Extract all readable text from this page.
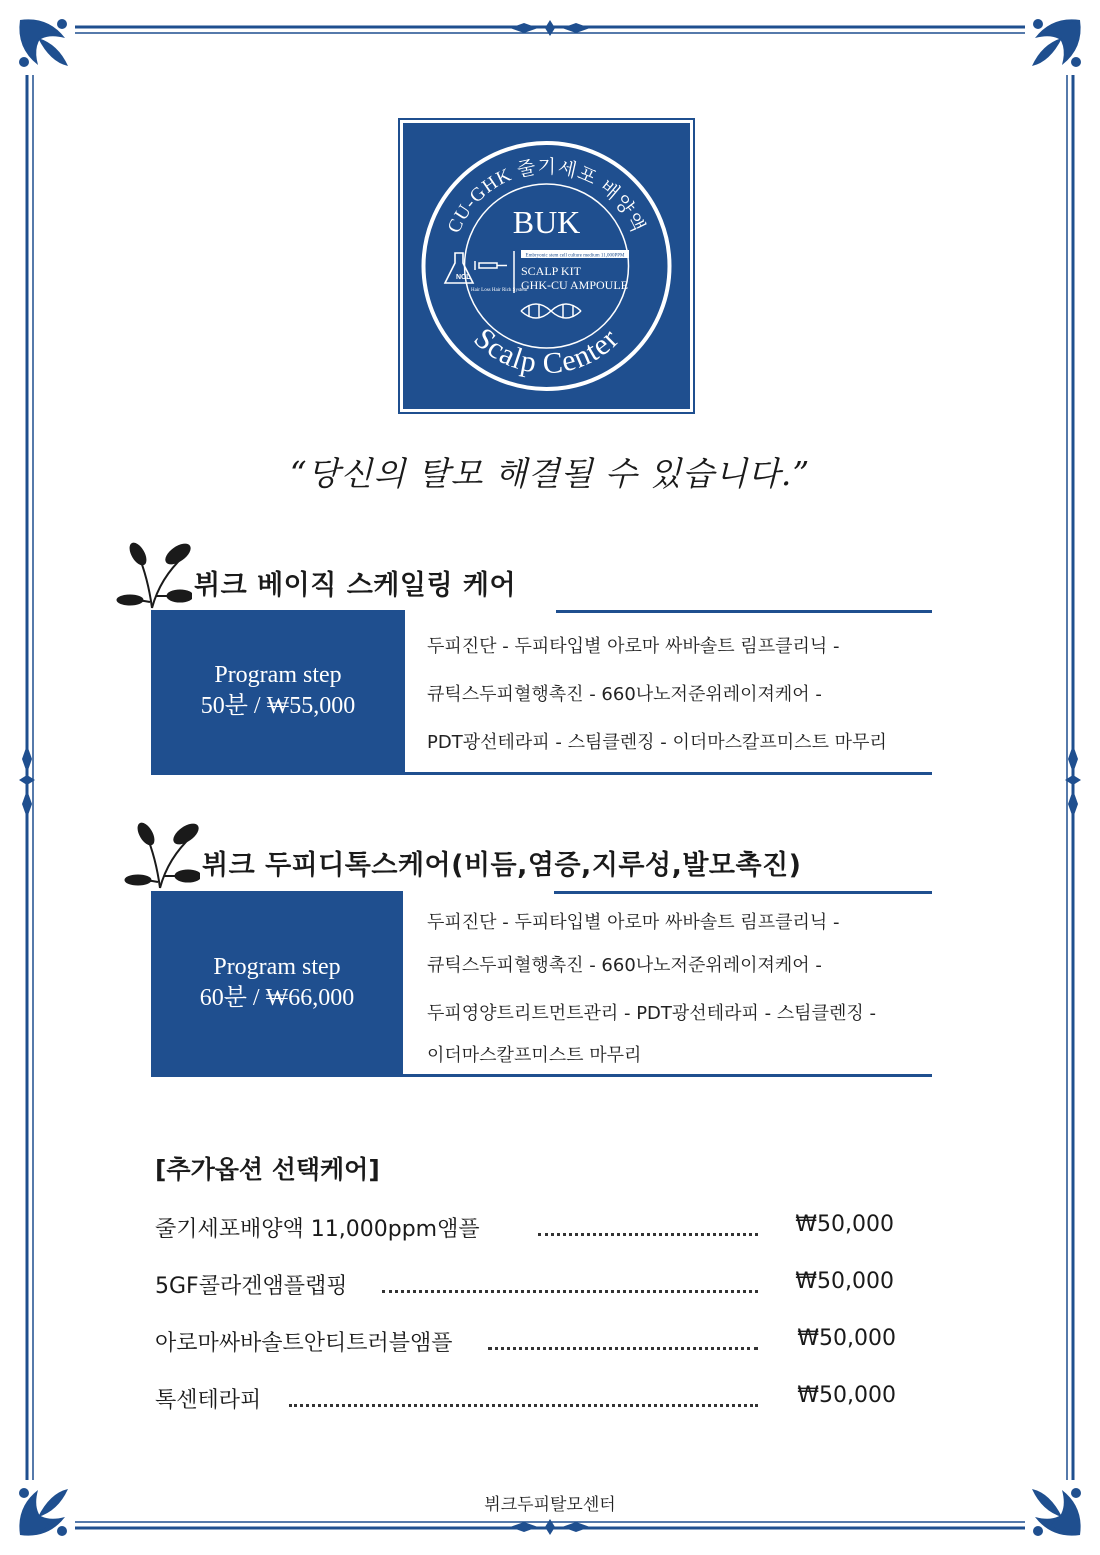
CU-GHK 줄기세포 배양액
BUK
Embryonic stem cell culture medium 11,000PPM
NCL
Hair Loss Hair Rich System
SCALP KIT
GHK-CU AMPOULE
Scalp Center
“당신의 탈모 해결될 수 있습니다.”
뷔크 베이직 스케일링 케어
Program step
50분 / ₩55,000
두피진단 - 두피타입별 아로마 싸바솔트 림프클리닉 -
큐틱스두피혈행촉진 - 660나노저준위레이져케어 -
PDT광선테라피 - 스팀클렌징 - 이더마스칼프미스트 마무리
뷔크 두피디톡스케어(비듬,염증,지루성,발모촉진)
Program step
60분 / ₩66,000
두피진단 - 두피타입별 아로마 싸바솔트 림프클리닉 -
큐틱스두피혈행촉진 - 660나노저준위레이져케어 -
두피영양트리트먼트관리 - PDT광선테라피 - 스팀클렌징 -
이더마스칼프미스트 마무리
[추가옵션 선택케어]
줄기세포배양액 11,000ppm앰플	₩50,000
5GF콜라겐앰플랩핑	₩50,000
아로마싸바솔트안티트러블앰플	₩50,000
톡센테라피	₩50,000
뷔크두피탈모센터
